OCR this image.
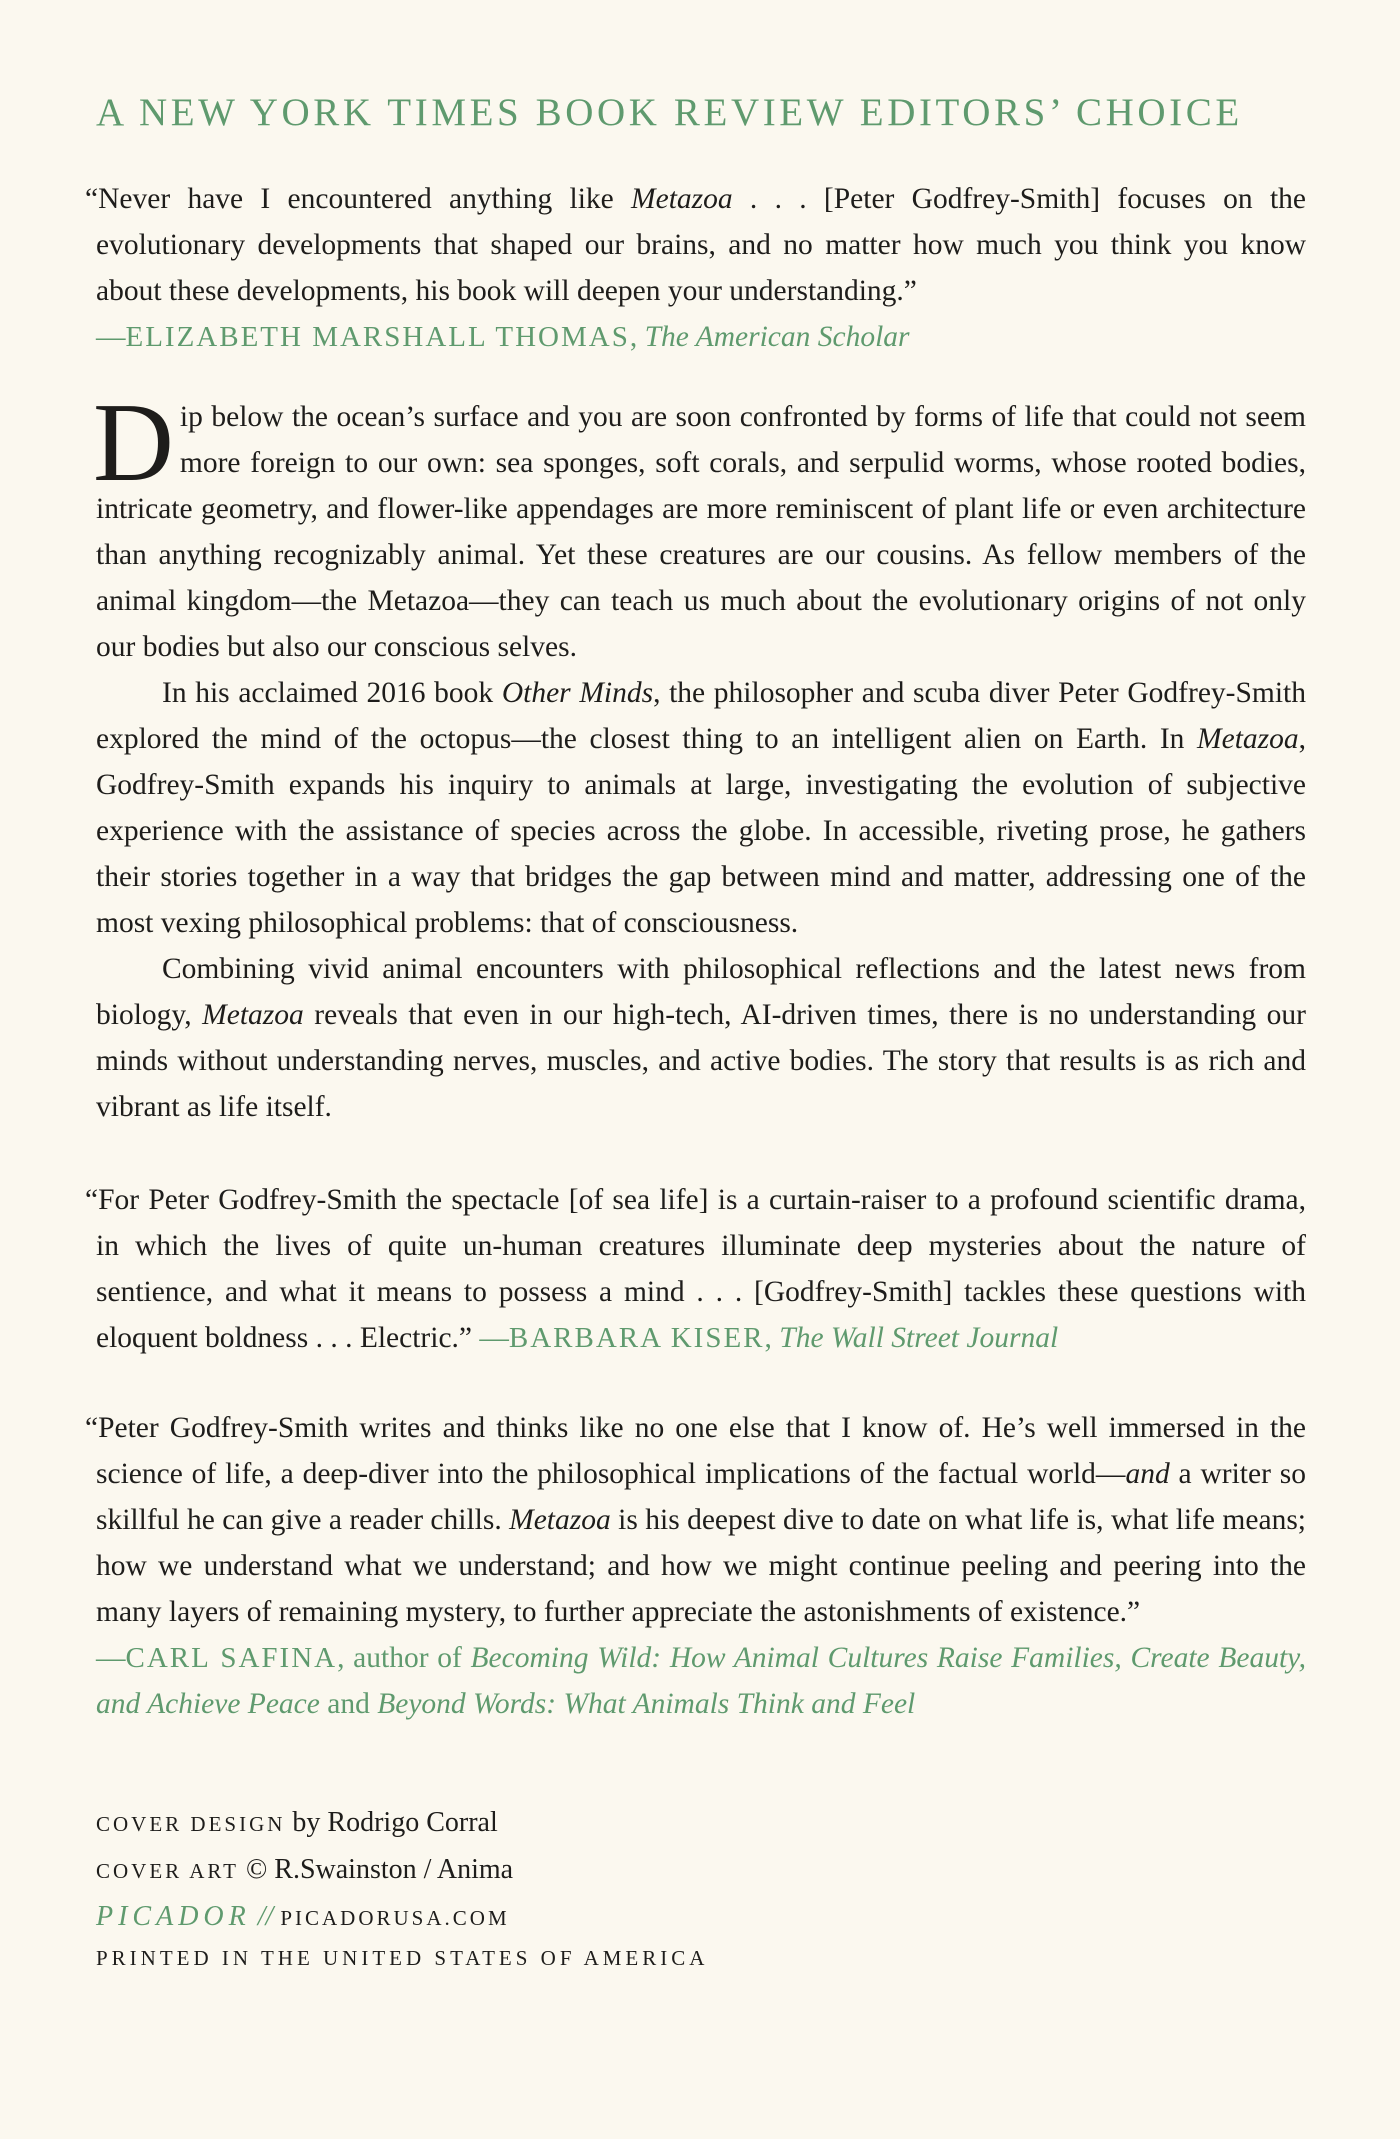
A NEW YORK TIMES BOOK REVIEW EDITORS’ CHOICE
“Never have I encountered anything like Metazoa . . . [Peter Godfrey-Smith] focuses on the evolutionary developments that shaped our brains, and no matter how much you think you know about these developments, his book will deepen your understanding.”
—ELIZABETH MARSHALL THOMAS, The American Scholar

Dip below the ocean’s surface and you are soon confronted by forms of life that could not seem more foreign to our own: sea sponges, soft corals, and serpulid worms, whose rooted bodies, intricate geometry, and flower-like appendages are more reminiscent of plant life or even architecture than anything recognizably animal. Yet these creatures are our cousins. As fellow members of the animal kingdom—the Metazoa—they can teach us much about the evolutionary origins of not only our bodies but also our conscious selves.

In his acclaimed 2016 book Other Minds, the philosopher and scuba diver Peter Godfrey-Smith explored the mind of the octopus—the closest thing to an intelligent alien on Earth. In Metazoa, Godfrey-Smith expands his inquiry to animals at large, investigating the evolution of subjective experience with the assistance of species across the globe. In accessible, riveting prose, he gathers their stories together in a way that bridges the gap between mind and matter, addressing one of the most vexing philosophical problems: that of consciousness.

Combining vivid animal encounters with philosophical reflections and the latest news from biology, Metazoa reveals that even in our high-tech, AI-driven times, there is no understanding our minds without understanding nerves, muscles, and active bodies. The story that results is as rich and vibrant as life itself.

“For Peter Godfrey-Smith the spectacle [of sea life] is a curtain-raiser to a profound scientific drama, in which the lives of quite un-human creatures illuminate deep mysteries about the nature of sentience, and what it means to possess a mind . . . [Godfrey-Smith] tackles these questions with eloquent boldness . . . Electric.” —BARBARA KISER, The Wall Street Journal
“Peter Godfrey-Smith writes and thinks like no one else that I know of. He’s well immersed in the science of life, a deep-diver into the philosophical implications of the factual world—and a writer so skillful he can give a reader chills. Metazoa is his deepest dive to date on what life is, what life means; how we understand what we understand; and how we might continue peeling and peering into the many layers of remaining mystery, to further appreciate the astonishments of existence.”
—CARL SAFINA, author of Becoming Wild: How Animal Cultures Raise Families, Create Beauty, and Achieve Peace and Beyond Words: What Animals Think and Feel
COVER DESIGN by Rodrigo Corral
COVER ART © R.Swainston / Anima
PICADOR // PICADORUSA.COM
PRINTED IN THE UNITED STATES OF AMERICA
